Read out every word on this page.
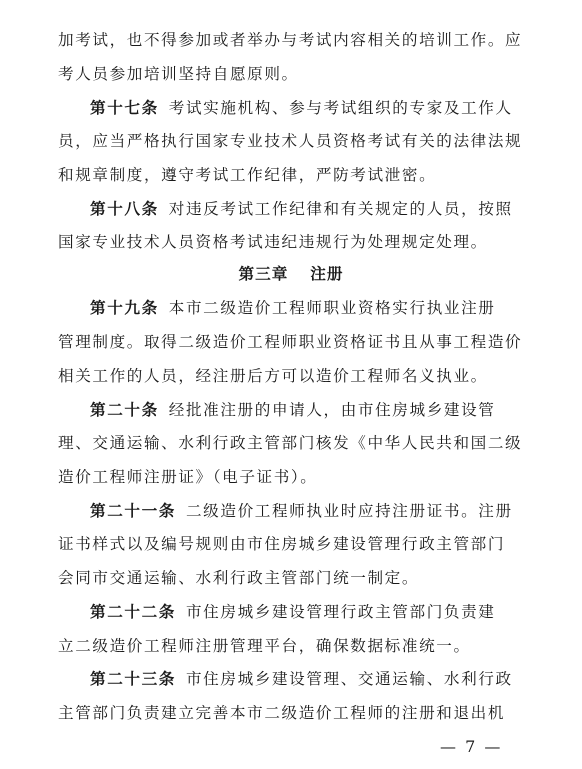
加考试，也不得参加或者举办与考试内容相关的培训工作。应
考人员参加培训坚持自愿原则。
第十七条 考试实施机构、参与考试组织的专家及工作人
员，应当严格执行国家专业技术人员资格考试有关的法律法规
和规章制度，遵守考试工作纪律，严防考试泄密。
第十八条 对违反考试工作纪律和有关规定的人员，按照
国家专业技术人员资格考试违纪违规行为处理规定处理。
第三章 注册
第十九条 本市二级造价工程师职业资格实行执业注册
管理制度。取得二级造价工程师职业资格证书且从事工程造价
相关工作的人员，经注册后方可以造价工程师名义执业。
第二十条 经批准注册的申请人，由市住房城乡建设管
理、交通运输、水利行政主管部门核发《中华人民共和国二级
造价工程师注册证》（电子证书）。
第二十一条 二级造价工程师执业时应持注册证书。注册
证书样式以及编号规则由市住房城乡建设管理行政主管部门
会同市交通运输、水利行政主管部门统一制定。
第二十二条 市住房城乡建设管理行政主管部门负责建
立二级造价工程师注册管理平台，确保数据标准统一。
第二十三条 市住房城乡建设管理、交通运输、水利行政
主管部门负责建立完善本市二级造价工程师的注册和退出机
— 7 —
